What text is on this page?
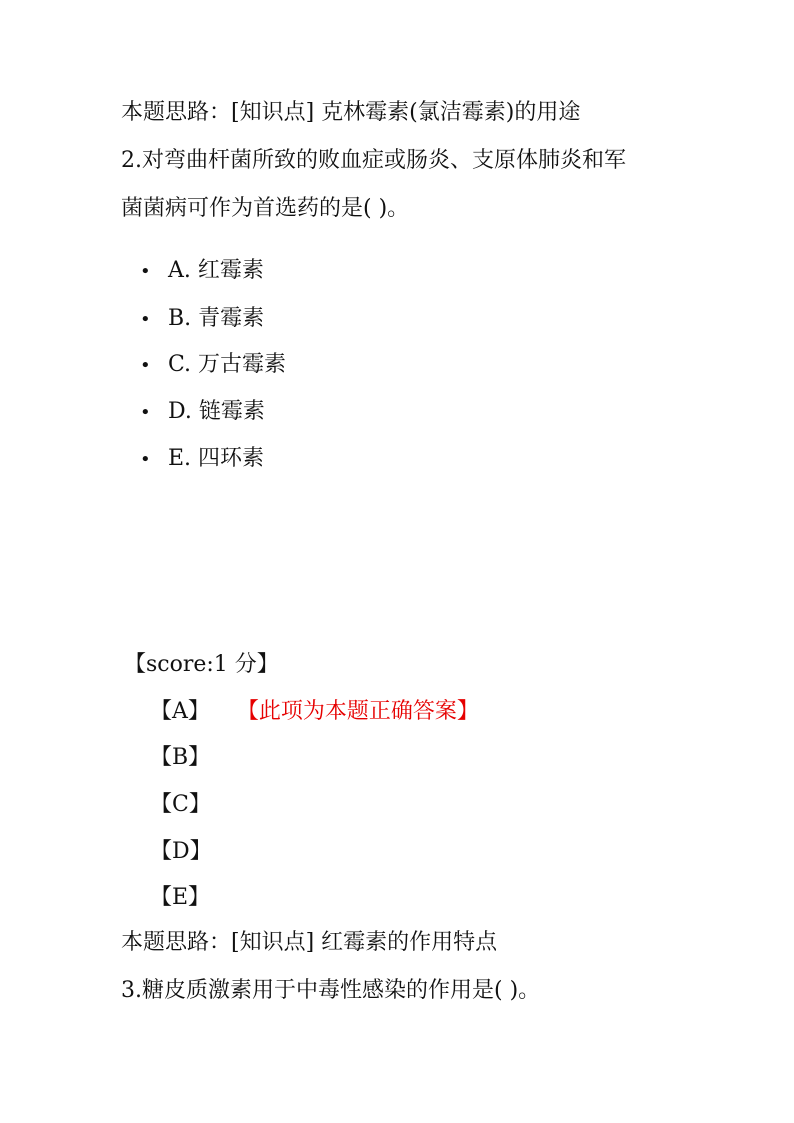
本题思路：[知识点] 克林霉素(氯洁霉素)的用途
2.对弯曲杆菌所致的败血症或肠炎、支原体肺炎和军
菌菌病可作为首选药的是( )。
• A. 红霉素
• B. 青霉素
• C. 万古霉素
• D. 链霉素
• E. 四环素
【score:1 分】
【A】 【此项为本题正确答案】
【B】
【C】
【D】
【E】
本题思路：[知识点] 红霉素的作用特点
3.糖皮质激素用于中毒性感染的作用是( )。
